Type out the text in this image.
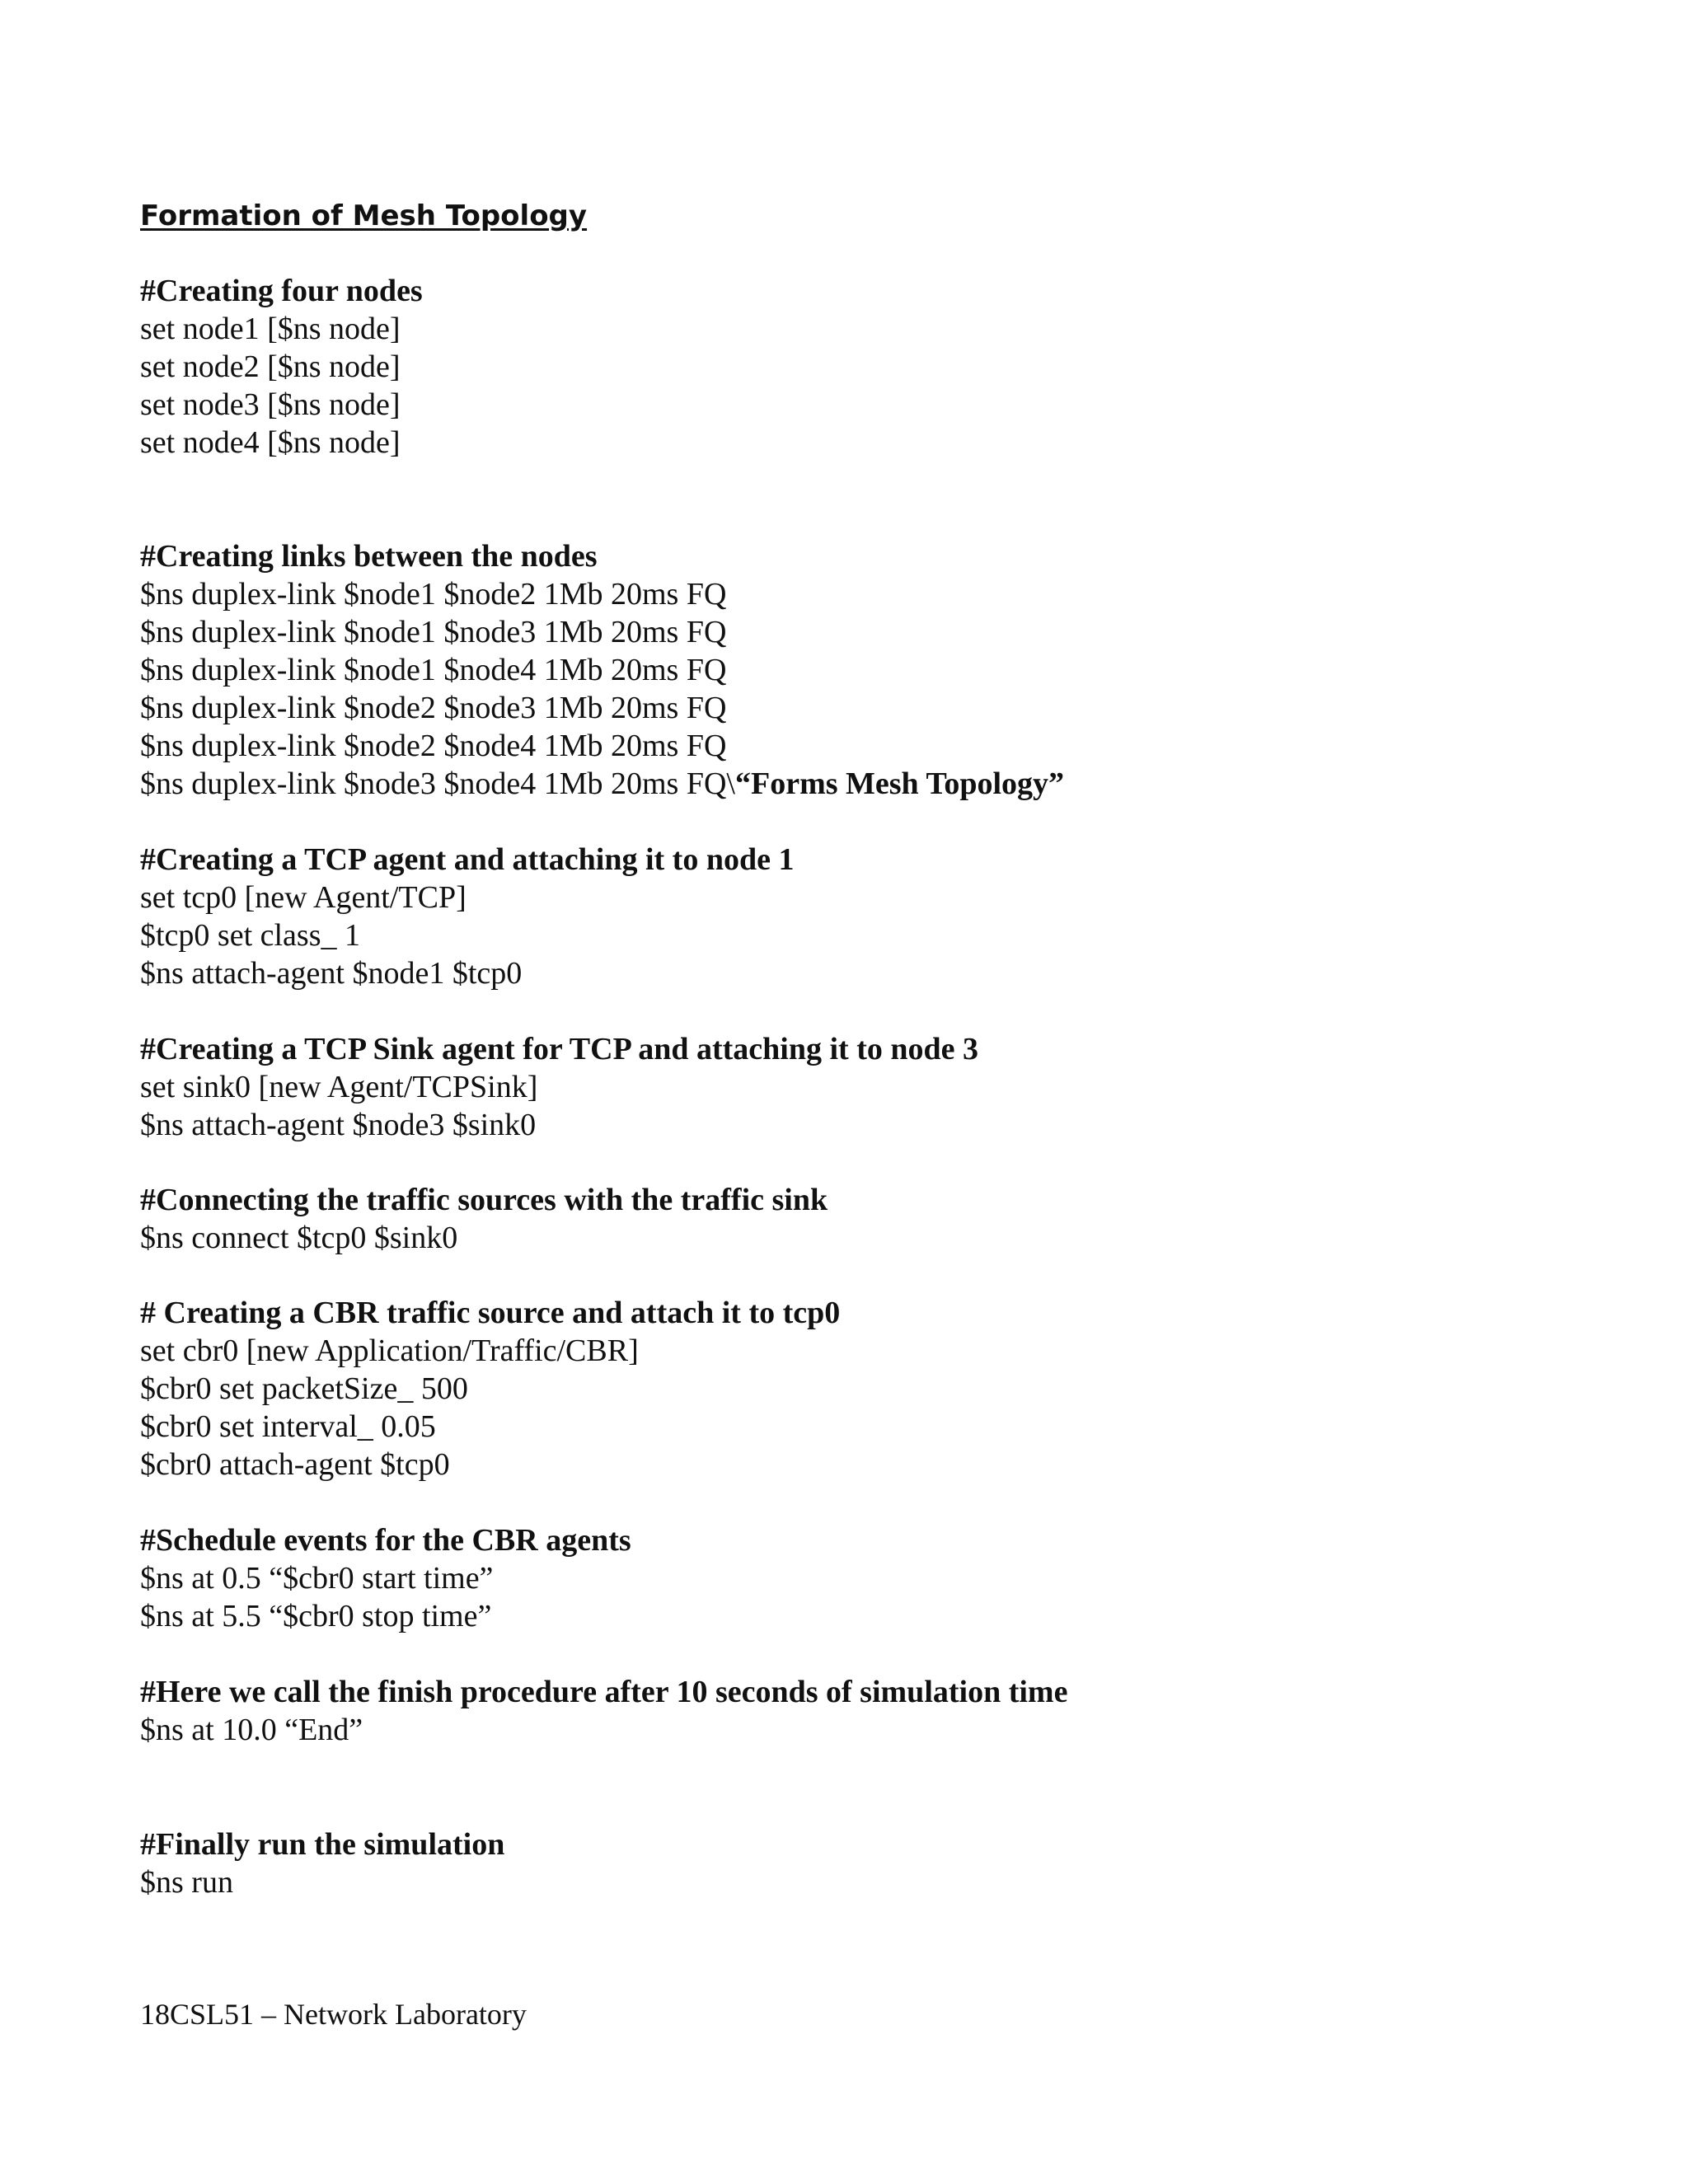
Formation of Mesh Topology
#Creating four nodes
set node1 [$ns node]
set node2 [$ns node]
set node3 [$ns node]
set node4 [$ns node]
#Creating links between the nodes
$ns duplex-link $node1 $node2 1Mb 20ms FQ
$ns duplex-link $node1 $node3 1Mb 20ms FQ
$ns duplex-link $node1 $node4 1Mb 20ms FQ
$ns duplex-link $node2 $node3 1Mb 20ms FQ
$ns duplex-link $node2 $node4 1Mb 20ms FQ
$ns duplex-link $node3 $node4 1Mb 20ms FQ\“Forms Mesh Topology”
#Creating a TCP agent and attaching it to node 1
set tcp0 [new Agent/TCP]
$tcp0 set class_ 1
$ns attach-agent $node1 $tcp0
#Creating a TCP Sink agent for TCP and attaching it to node 3
set sink0 [new Agent/TCPSink]
$ns attach-agent $node3 $sink0
#Connecting the traffic sources with the traffic sink
$ns connect $tcp0 $sink0
# Creating a CBR traffic source and attach it to tcp0
set cbr0 [new Application/Traffic/CBR]
$cbr0 set packetSize_ 500
$cbr0 set interval_ 0.05
$cbr0 attach-agent $tcp0
#Schedule events for the CBR agents
$ns at 0.5 “$cbr0 start time”
$ns at 5.5 “$cbr0 stop time”
#Here we call the finish procedure after 10 seconds of simulation time
$ns at 10.0 “End”
#Finally run the simulation
$ns run
18CSL51 – Network Laboratory
